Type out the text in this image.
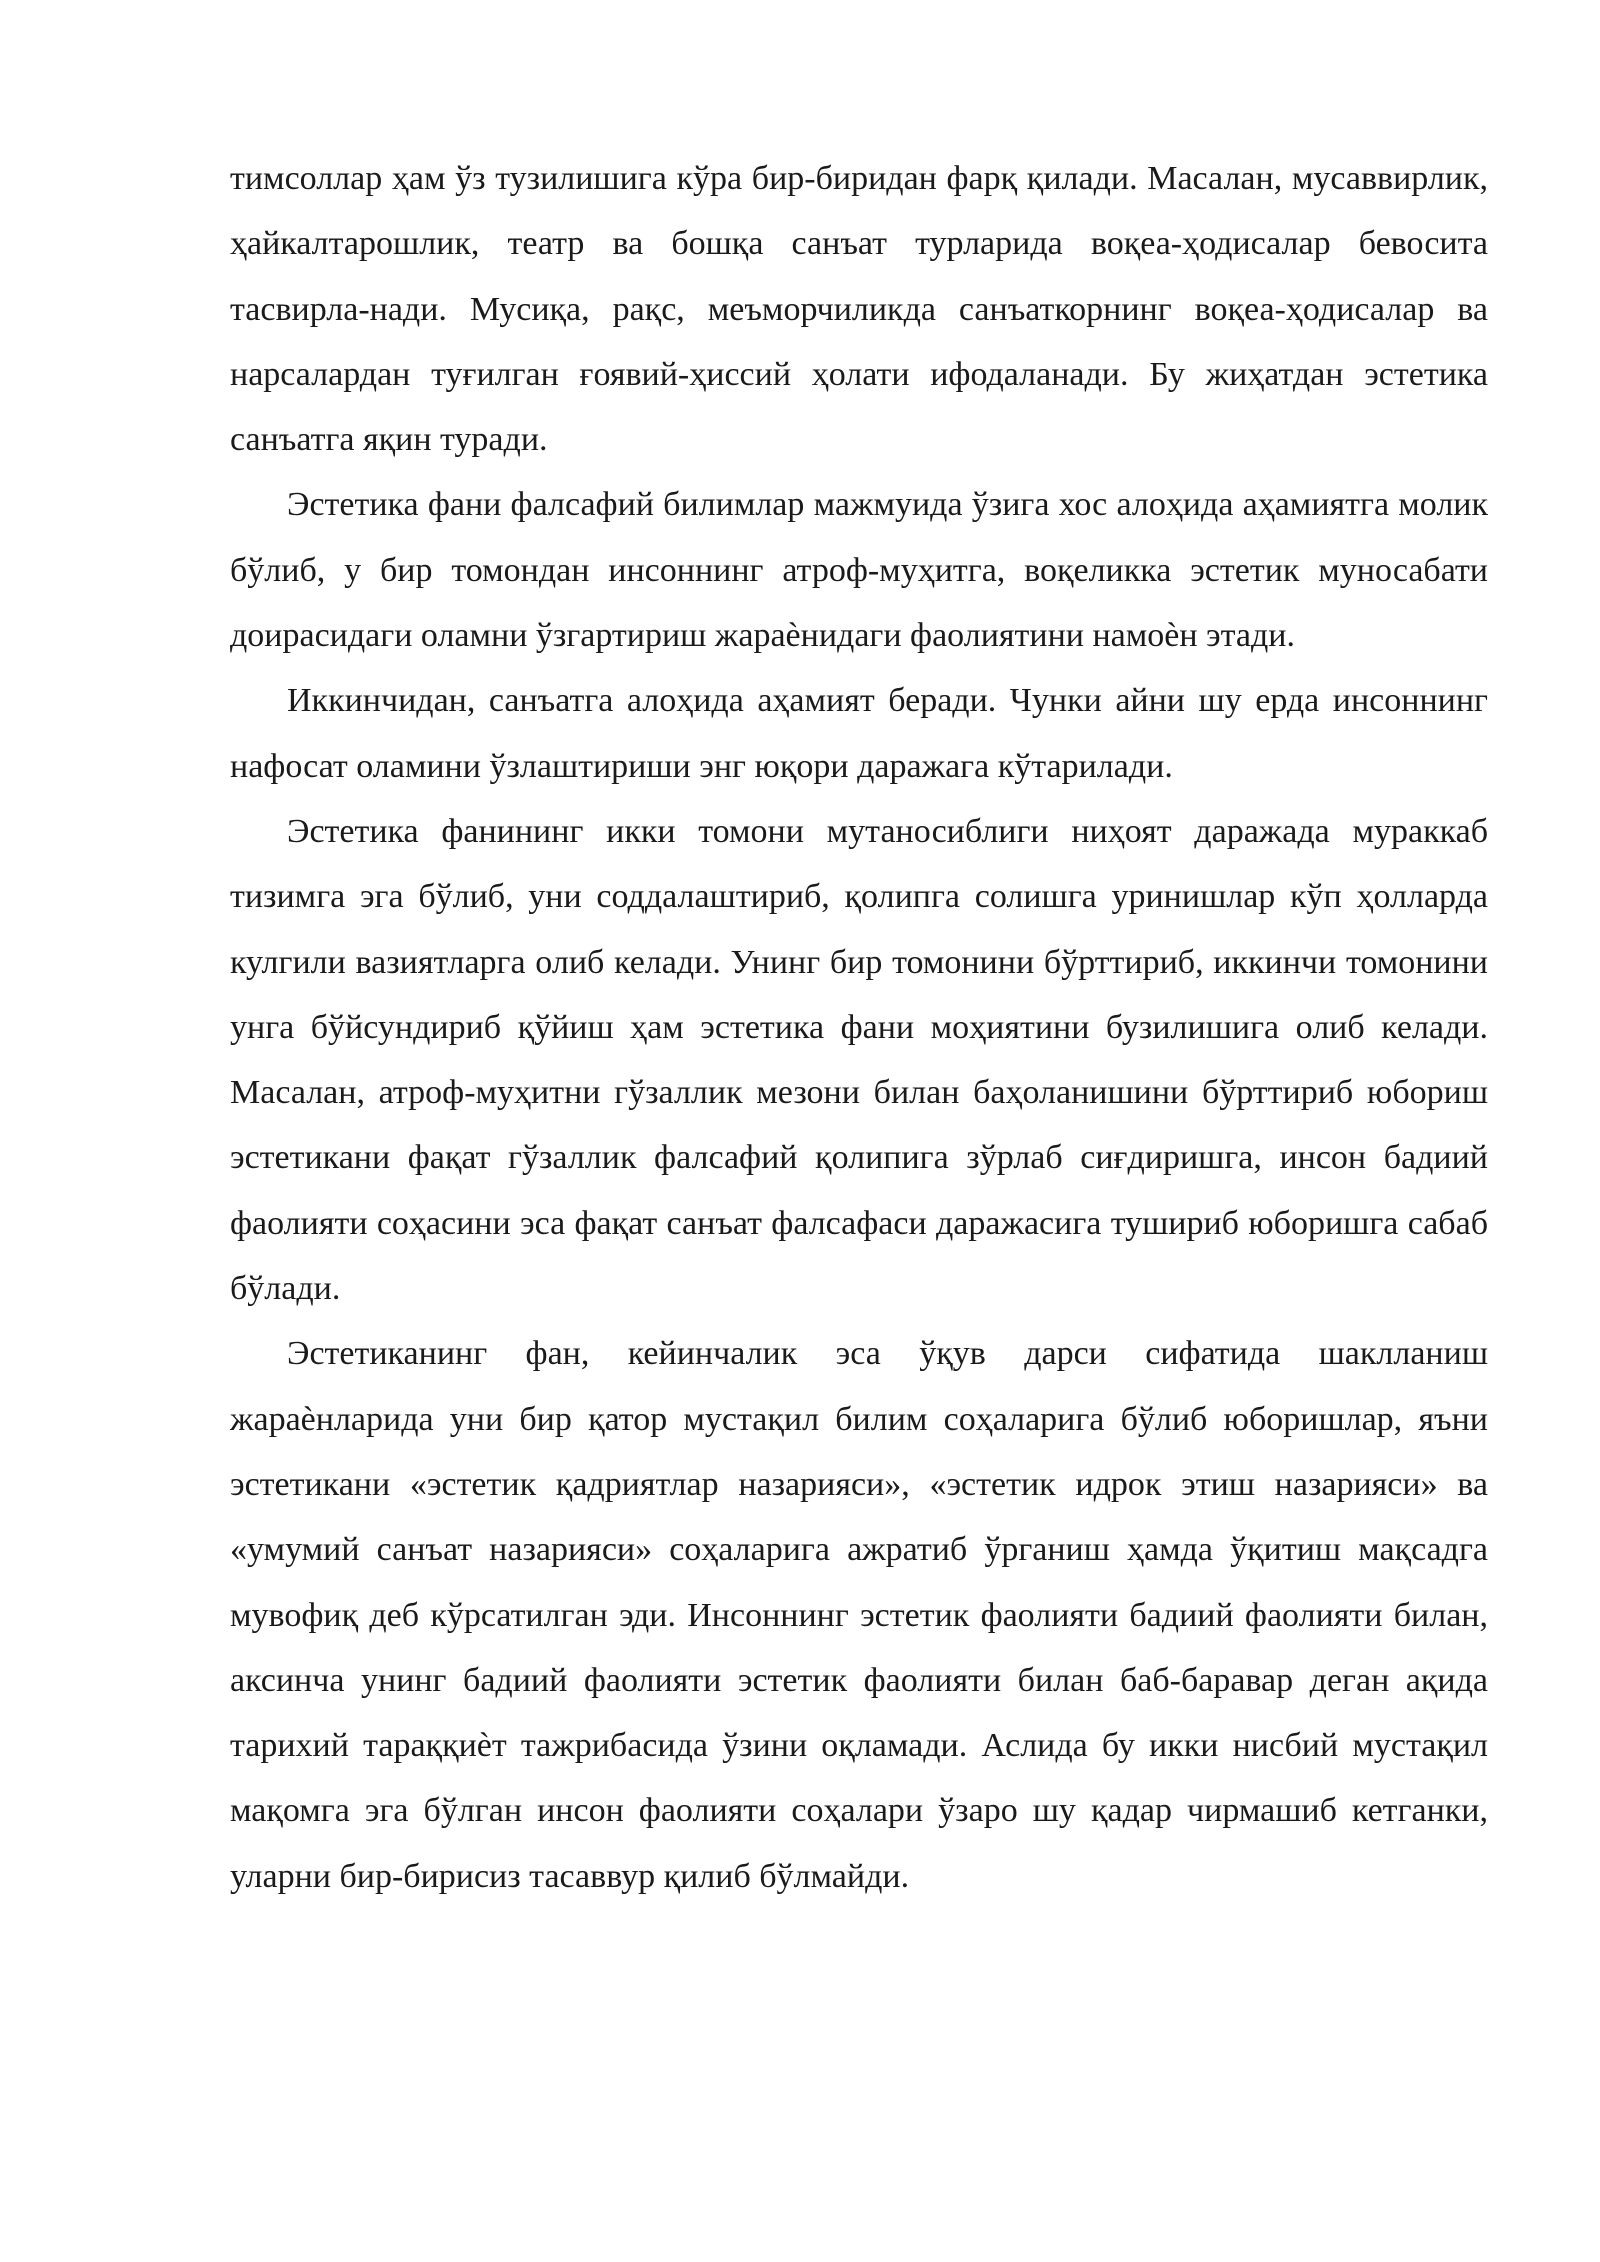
тимсоллар ҳам ўз тузилишига кўра бир-биридан фарқ қилади. Масалан, мусаввирлик, ҳайкалтарошлик, театр ва бошқа санъат турларида воқеа-ҳодисалар бевосита тасвирла-нади. Мусиқа, рақс, меъморчиликда санъаткорнинг воқеа-ҳодисалар ва нарсалардан туғилган ғоявий-ҳиссий ҳолати ифодаланади. Бу жиҳатдан эстетика санъатга яқин туради.

Эстетика фани фалсафий билимлар мажмуида ўзига хос алоҳида аҳамиятга молик бўлиб, у бир томондан инсоннинг атроф-муҳитга, воқеликка эстетик муносабати доирасидаги оламни ўзгартириш жараѐнидаги фаолиятини намоѐн этади.

Иккинчидан, санъатга алоҳида аҳамият беради. Чунки айни шу ерда инсоннинг нафосат оламини ўзлаштириши энг юқори даражага кўтарилади.

Эстетика фанининг икки томони мутаносиблиги ниҳоят даражада мураккаб тизимга эга бўлиб, уни соддалаштириб, қолипга солишга уринишлар кўп ҳолларда кулгили вазиятларга олиб келади. Унинг бир томонини бўрттириб, иккинчи томонини унга бўйсундириб қўйиш ҳам эстетика фани моҳиятини бузилишига олиб келади. Масалан, атроф-муҳитни гўзаллик мезони билан баҳоланишини бўрттириб юбориш эстетикани фақат гўзаллик фалсафий қолипига зўрлаб сиғдиришга, инсон бадиий фаолияти соҳасини эса фақат санъат фалсафаси даражасига тушириб юборишга сабаб бўлади.

Эстетиканинг фан, кейинчалик эса ўқув дарси сифатида шаклланиш жараѐнларида уни бир қатор мустақил билим соҳаларига бўлиб юборишлар, яъни эстетикани «эстетик қадриятлар назарияси», «эстетик идрок этиш назарияси» ва «умумий санъат назарияси» соҳаларига ажратиб ўрганиш ҳамда ўқитиш мақсадга мувофиқ деб кўрсатилган эди. Инсоннинг эстетик фаолияти бадиий фаолияти билан, аксинча унинг бадиий фаолияти эстетик фаолияти билан баб-баравар деган ақида тарихий тараққиѐт тажрибасида ўзини оқламади. Аслида бу икки нисбий мустақил мақомга эга бўлган инсон фаолияти соҳалари ўзаро шу қадар чирмашиб кетганки, уларни бир-бирисиз тасаввур қилиб бўлмайди.
